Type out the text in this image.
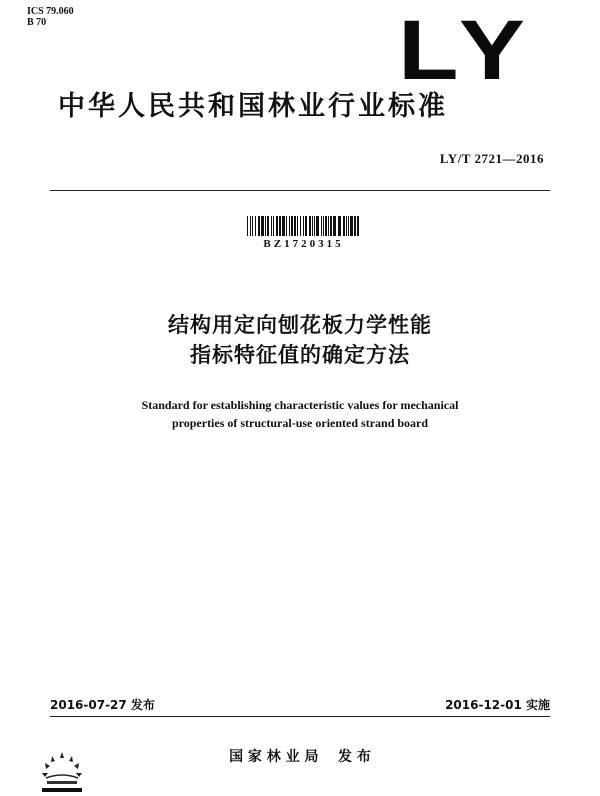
ICS 79.060
B 70	LY
中华人民共和国林业行业标准
LY/T 2721—2016
BZ1720315
结构用定向刨花板力学性能
指标特征值的确定方法
Standard for establishing characteristic values for mechanical
properties of structural-use oriented strand board
2016-07-27 发布	2016-12-01 实施
国 家 林 业 局    发 布
